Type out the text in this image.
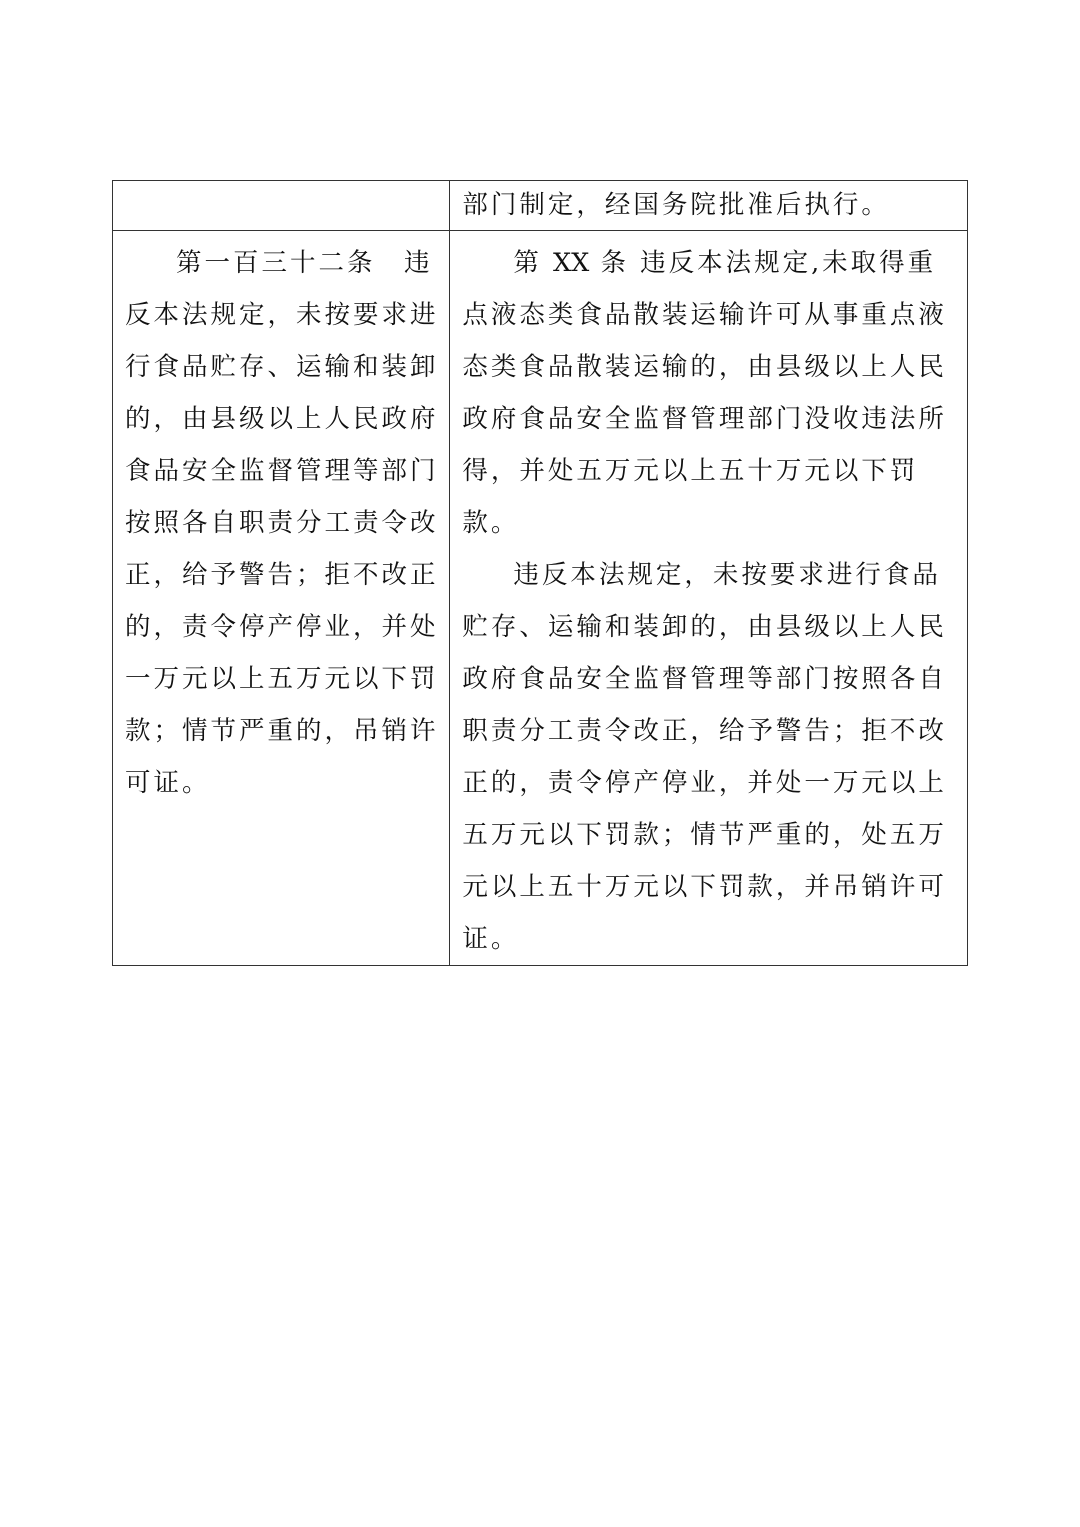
	部门制定，经国务院批准后执行。

第一百三十二条　违反本法规定，未按要求进行食品贮存、运输和装卸的，由县级以上人民政府食品安全监督管理等部门按照各自职责分工责令改正，给予警告；拒不改正的，责令停产停业，并处一万元以上五万元以下罚款；情节严重的，吊销许可证。	第 XX 条 违反本法规定,未取得重点液态类食品散装运输许可从事重点液态类食品散装运输的，由县级以上人民政府食品安全监督管理部门没收违法所得，并处五万元以上五十万元以下罚款。

违反本法规定，未按要求进行食品贮存、运输和装卸的，由县级以上人民政府食品安全监督管理等部门按照各自职责分工责令改正，给予警告；拒不改正的，责令停产停业，并处一万元以上五万元以下罚款；情节严重的，处五万元以上五十万元以下罚款，并吊销许可证。
